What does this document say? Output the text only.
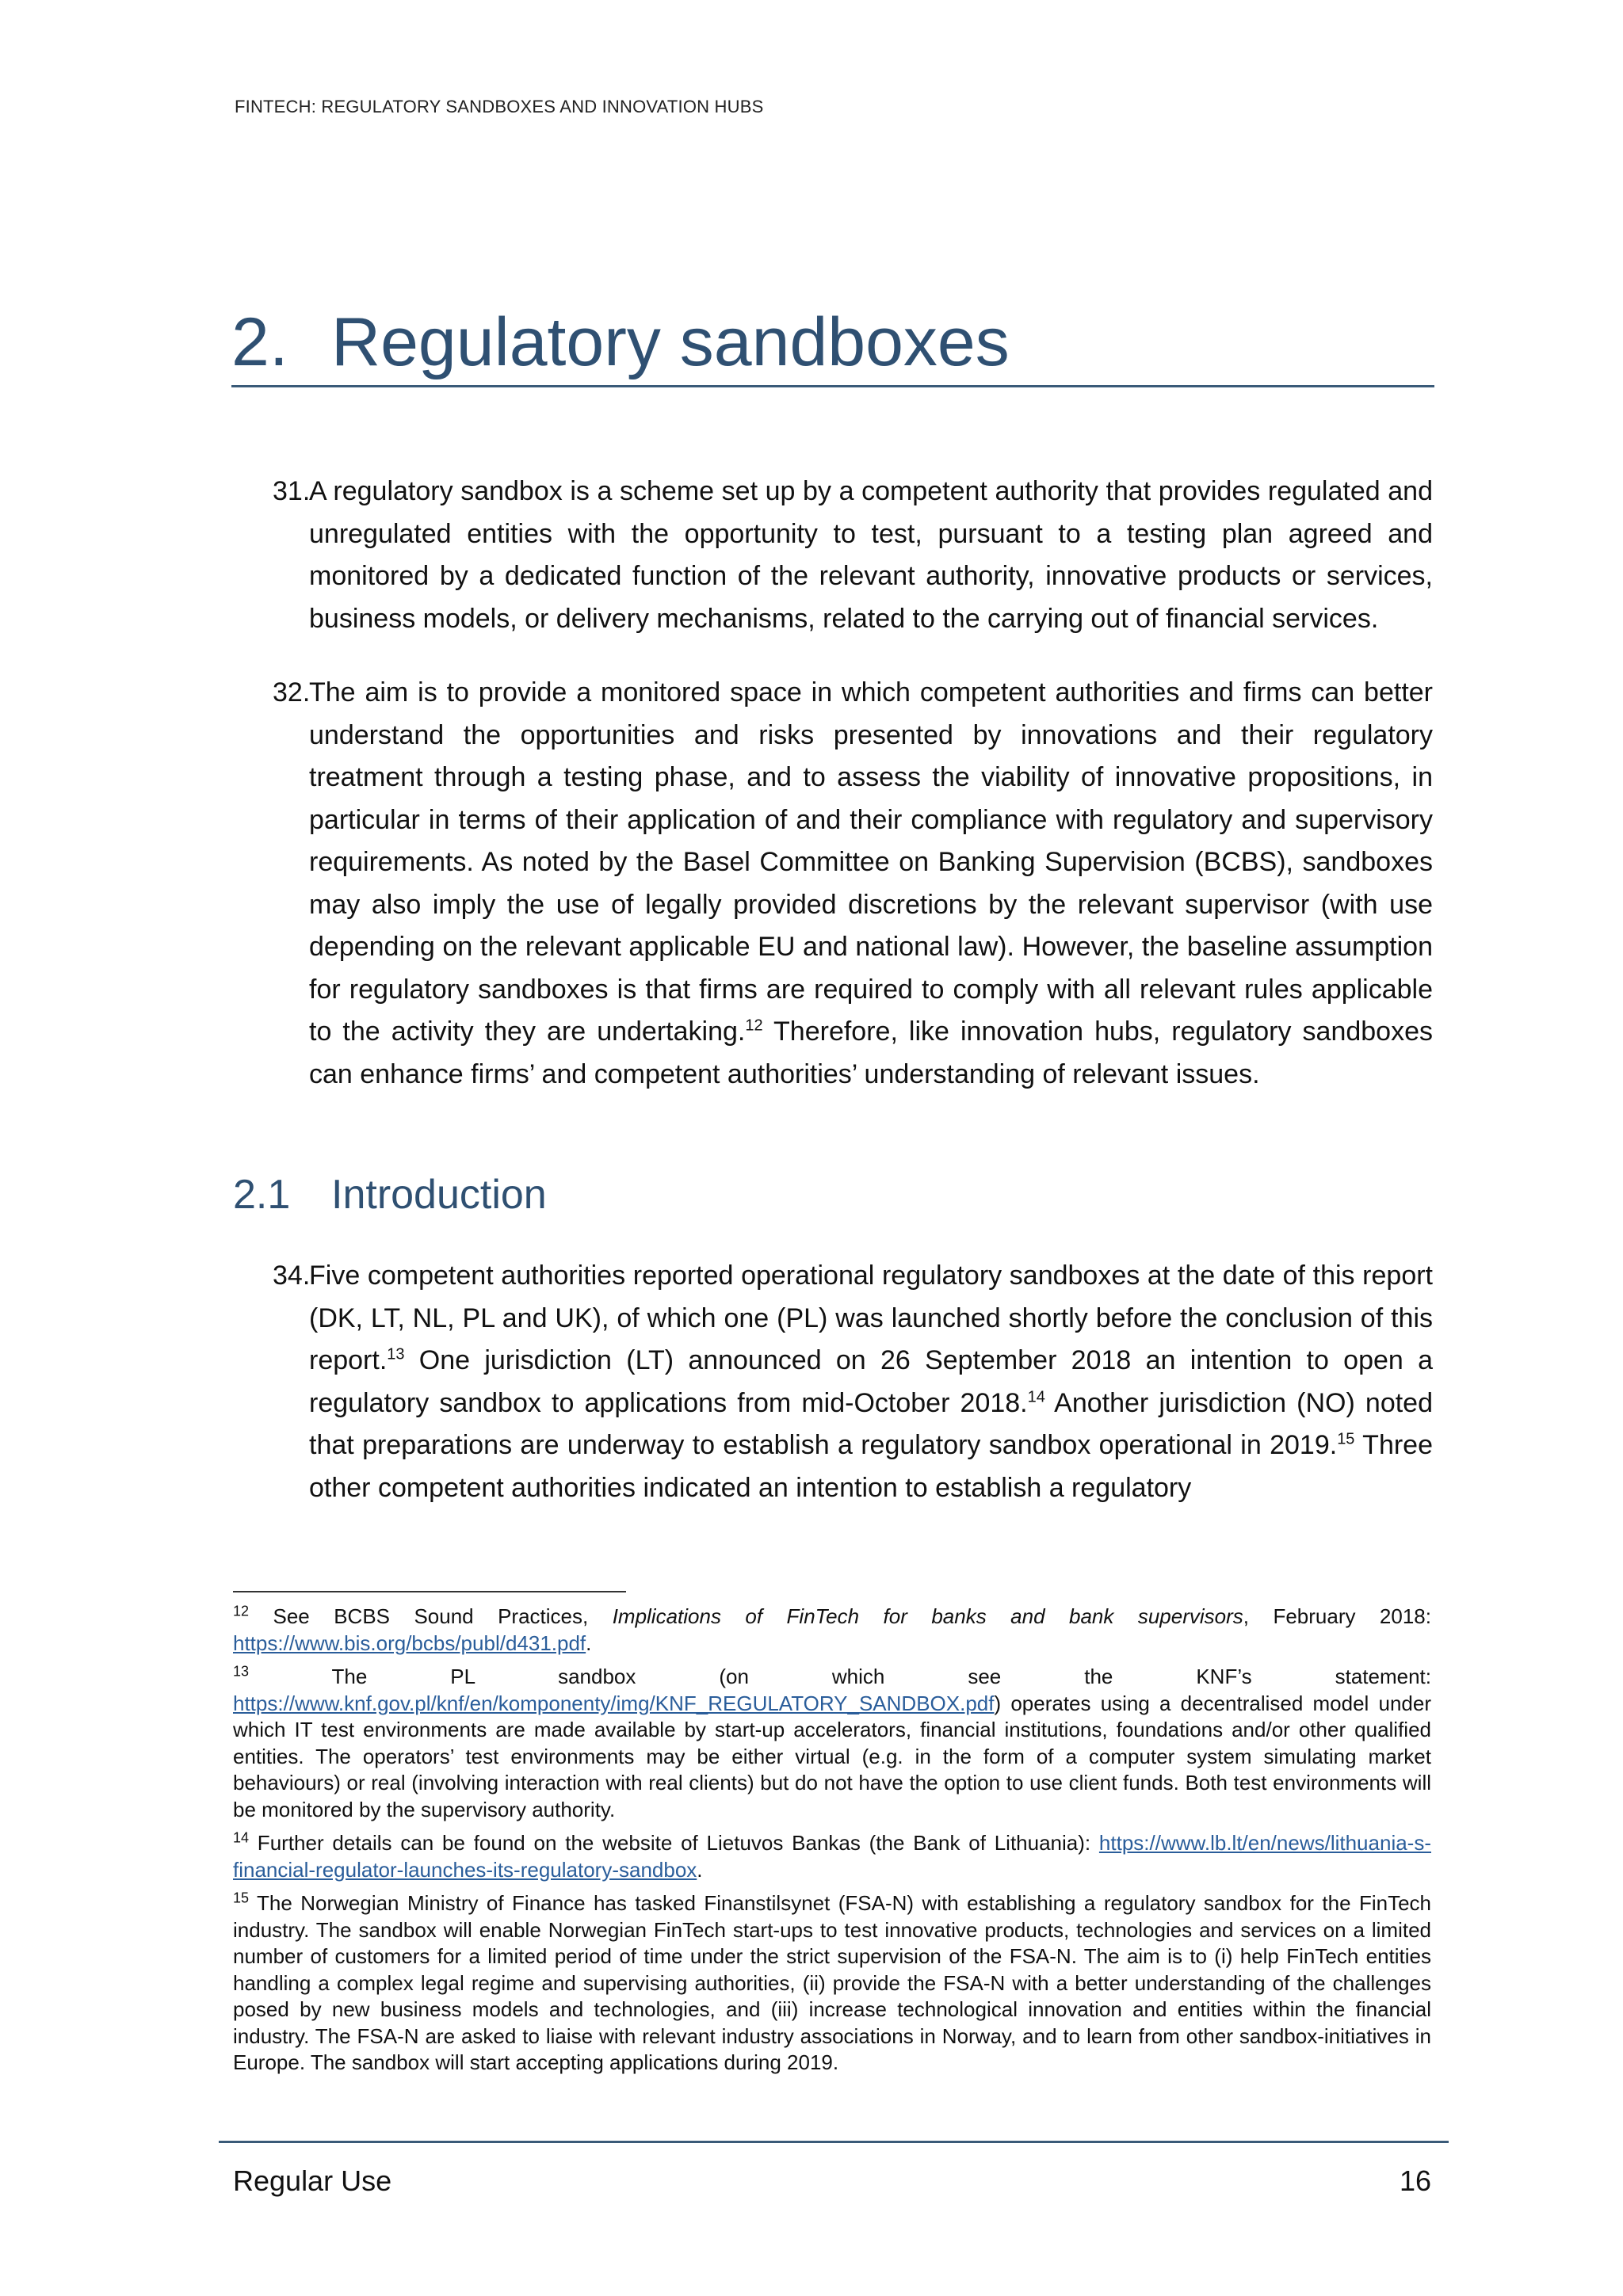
FINTECH: REGULATORY SANDBOXES AND INNOVATION HUBS
2. Regulatory sandboxes
31.
A regulatory sandbox is a scheme set up by a competent authority that provides regulated and unregulated entities with the opportunity to test, pursuant to a testing plan agreed and monitored by a dedicated function of the relevant authority, innovative products or services, business models, or delivery mechanisms, related to the carrying out of financial services.
32.
The aim is to provide a monitored space in which competent authorities and firms can better understand the opportunities and risks presented by innovations and their regulatory treatment through a testing phase, and to assess the viability of innovative propositions, in particular in terms of their application of and their compliance with regulatory and supervisory requirements. As noted by the Basel Committee on Banking Supervision (BCBS), sandboxes may also imply the use of legally provided discretions by the relevant supervisor (with use depending on the relevant applicable EU and national law). However, the baseline assumption for regulatory sandboxes is that firms are required to comply with all relevant rules applicable to the activity they are undertaking.$^{12}$ Therefore, like innovation hubs, regulatory sandboxes can enhance firms’ and competent authorities’ understanding of relevant issues.
2.1 Introduction
34.
Five competent authorities reported operational regulatory sandboxes at the date of this report (DK, LT, NL, PL and UK), of which one (PL) was launched shortly before the conclusion of this report.$^{13}$ One jurisdiction (LT) announced on 26 September 2018 an intention to open a regulatory sandbox to applications from mid-October 2018.14 Another jurisdiction (NO) noted that preparations are underway to establish a regulatory sandbox operational in 2019.15 Three other competent authorities indicated an intention to establish a regulatory
$^{12}$ See BCBS Sound Practices, Implications of FinTech for banks and bank supervisors, February 2018: https://www.bis.org/bcbs/publ/d431.pdf.
$^{13}$ The PL sandbox (on which see the KNF’s statement: https://www.knf.gov.pl/knf/en/komponenty/img/KNF_REGULATORY_SANDBOX.pdf) operates using a decentralised model under which IT test environments are made available by start-up accelerators, financial institutions, foundations and/or other qualified entities. The operators’ test environments may be either virtual (e.g. in the form of a computer system simulating market behaviours) or real (involving interaction with real clients) but do not have the option to use client funds. Both test environments will be monitored by the supervisory authority.
$^{14}$ Further details can be found on the website of Lietuvos Bankas (the Bank of Lithuania): https://www.lb.lt/en/news/lithuania-s-financial-regulator-launches-its-regulatory-sandbox.
$^{15}$ The Norwegian Ministry of Finance has tasked Finanstilsynet (FSA-N) with establishing a regulatory sandbox for the FinTech industry. The sandbox will enable Norwegian FinTech start-ups to test innovative products, technologies and services on a limited number of customers for a limited period of time under the strict supervision of the FSA-N. The aim is to (i) help FinTech entities handling a complex legal regime and supervising authorities, (ii) provide the FSA-N with a better understanding of the challenges posed by new business models and technologies, and (iii) increase technological innovation and entities within the financial industry. The FSA-N are asked to liaise with relevant industry associations in Norway, and to learn from other sandbox-initiatives in Europe. The sandbox will start accepting applications during 2019.
Regular Use	16
